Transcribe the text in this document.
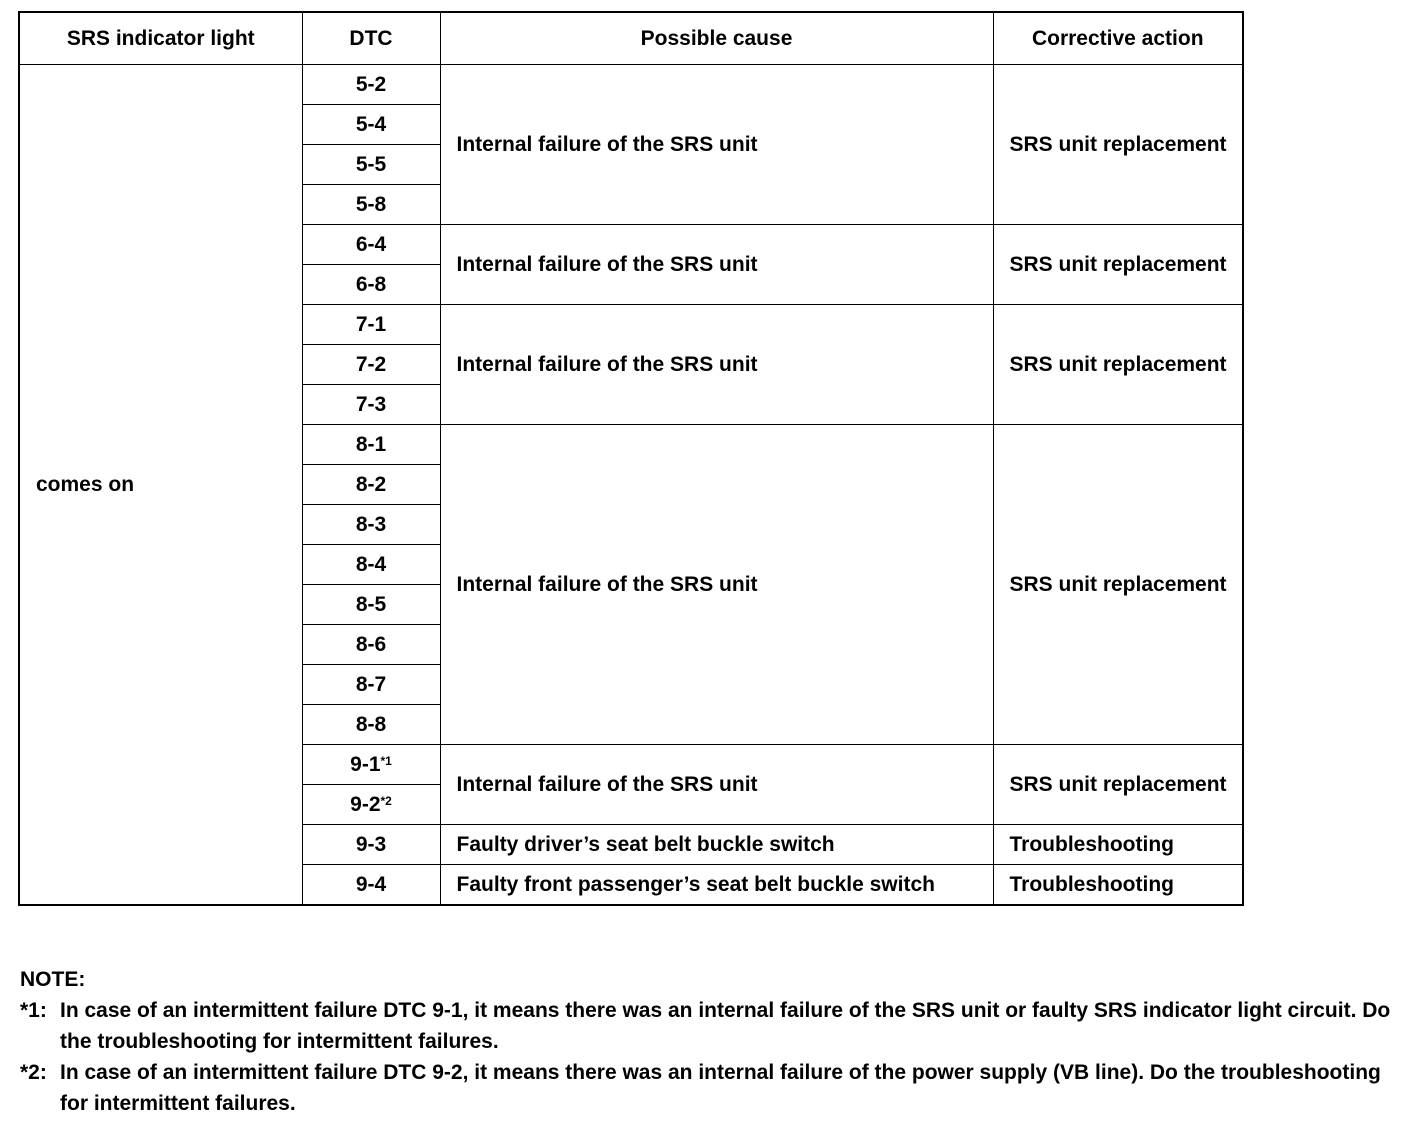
SRS indicator light	DTC	Possible cause	Corrective action
comes on	5-2	Internal failure of the SRS unit	SRS unit replacement
	5-4		
	5-5		
	5-8		
	6-4	Internal failure of the SRS unit	SRS unit replacement
	6-8		
	7-1	Internal failure of the SRS unit	SRS unit replacement
	7-2		
	7-3		
	8-1	Internal failure of the SRS unit	SRS unit replacement
	8-2		
	8-3		
	8-4		
	8-5		
	8-6		
	8-7		
	8-8		
	9-1$^{*1}$	Internal failure of the SRS unit	SRS unit replacement
	9-2$^{*2}$
	9-3	Faulty driver’s seat belt buckle switch	Troubleshooting
	9-4	Faulty front passenger’s seat belt buckle switch	Troubleshooting
NOTE:
*1: In case of an intermittent failure DTC 9-1, it means there was an internal failure of the SRS unit or faulty SRS indicator light circuit. Do the troubleshooting for intermittent failures.
*2: In case of an intermittent failure DTC 9-2, it means there was an internal failure of the power supply (VB line). Do the troubleshooting for intermittent failures.
